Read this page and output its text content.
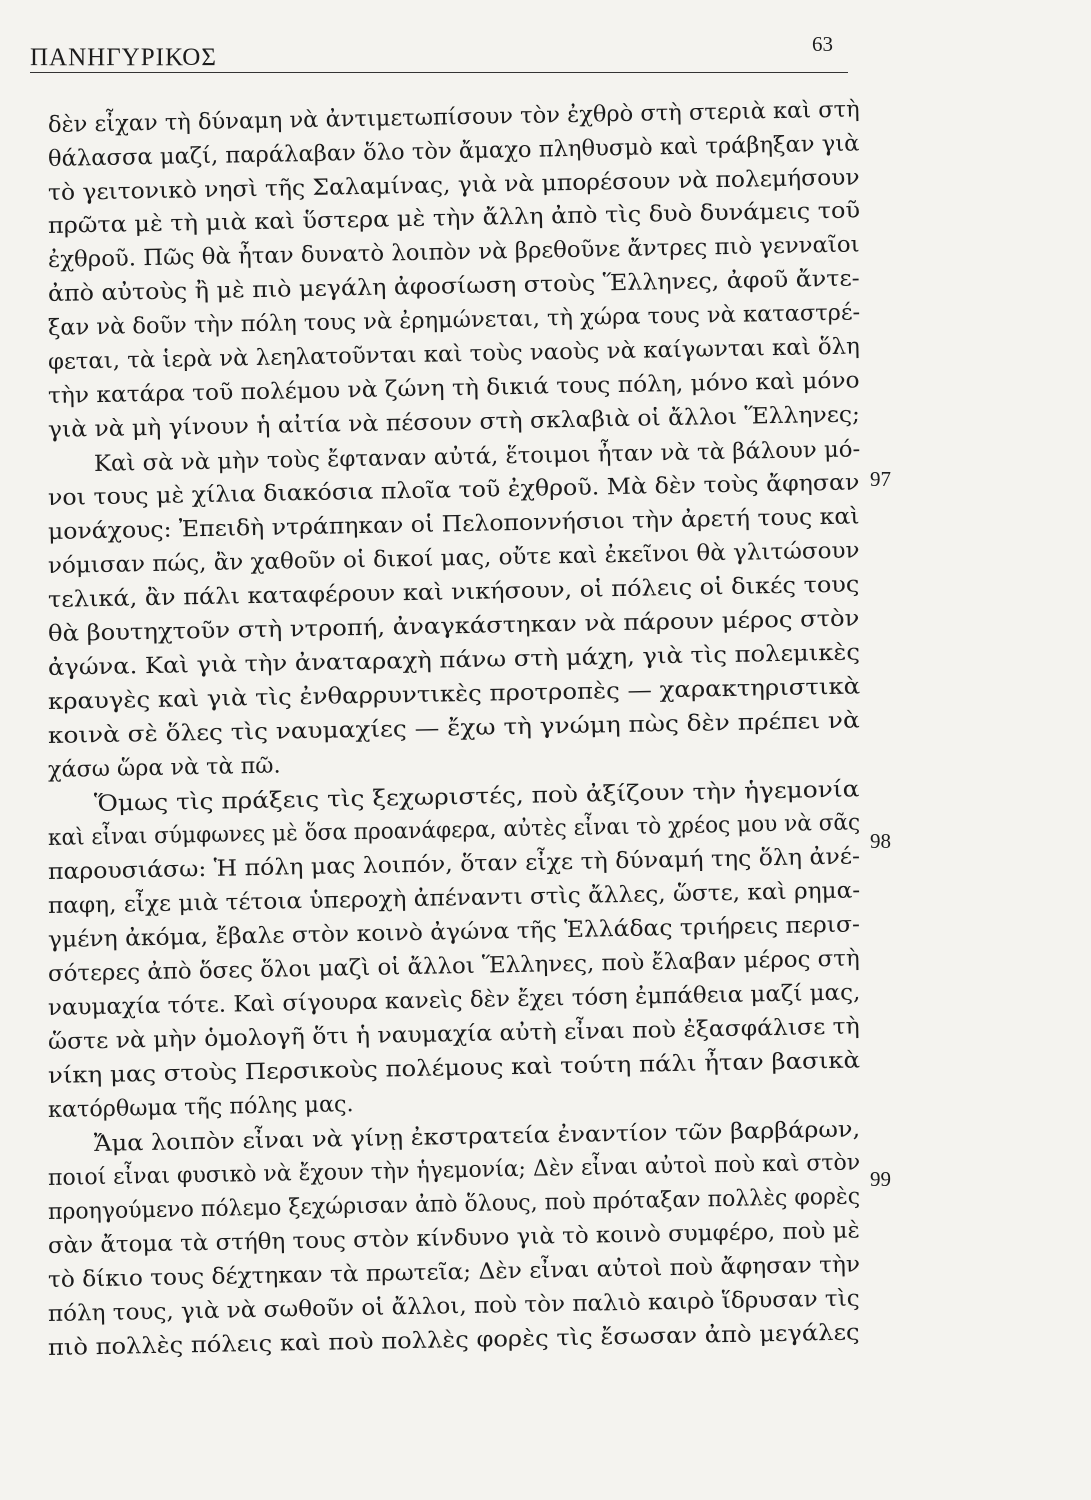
ΠΑΝΗΓΥΡΙΚΟΣ	63
δὲν εἶχαν τὴ δύναμη νὰ ἀντιμετωπίσουν τὸν ἐχθρὸ στὴ στεριὰ καὶ στὴ
θάλασσα μαζί, παράλαβαν ὅλο τὸν ἄμαχο πληθυσμὸ καὶ τράβηξαν γιὰ
τὸ γειτονικὸ νησὶ τῆς Σαλαμίνας, γιὰ νὰ μπορέσουν νὰ πολεμήσουν
πρῶτα μὲ τὴ μιὰ καὶ ὕστερα μὲ τὴν ἄλλη ἀπὸ τὶς δυὸ δυνάμεις τοῦ
ἐχθροῦ. Πῶς θὰ ἦταν δυνατὸ λοιπὸν νὰ βρεθοῦνε ἄντρες πιὸ γενναῖοι
ἀπὸ αὐτοὺς ἢ μὲ πιὸ μεγάλη ἀφοσίωση στοὺς Ἕλληνες, ἀφοῦ ἄντε-
ξαν νὰ δοῦν τὴν πόλη τους νὰ ἐρημώνεται, τὴ χώρα τους νὰ καταστρέ-
φεται, τὰ ἱερὰ νὰ λεηλατοῦνται καὶ τοὺς ναοὺς νὰ καίγωνται καὶ ὅλη
τὴν κατάρα τοῦ πολέμου νὰ ζώνη τὴ δικιά τους πόλη, μόνο καὶ μόνο
γιὰ νὰ μὴ γίνουν ἡ αἰτία νὰ πέσουν στὴ σκλαβιὰ οἱ ἄλλοι Ἕλληνες;
Καὶ σὰ νὰ μὴν τοὺς ἔφταναν αὐτά, ἕτοιμοι ἦταν νὰ τὰ βάλουν μό-
νοι τους μὲ χίλια διακόσια πλοῖα τοῦ ἐχθροῦ. Μὰ δὲν τοὺς ἄφησαν
μονάχους: Ἐπειδὴ ντράπηκαν οἱ Πελοποννήσιοι τὴν ἀρετή τους καὶ
νόμισαν πώς, ἂν χαθοῦν οἱ δικοί μας, οὔτε καὶ ἐκεῖνοι θὰ γλιτώσουν
τελικά, ἂν πάλι καταφέρουν καὶ νικήσουν, οἱ πόλεις οἱ δικές τους
θὰ βουτηχτοῦν στὴ ντροπή, ἀναγκάστηκαν νὰ πάρουν μέρος στὸν
ἀγώνα. Καὶ γιὰ τὴν ἀναταραχὴ πάνω στὴ μάχη, γιὰ τὶς πολεμικὲς
κραυγὲς καὶ γιὰ τὶς ἐνθαρρυντικὲς προτροπὲς — χαρακτηριστικὰ
κοινὰ σὲ ὅλες τὶς ναυμαχίες — ἔχω τὴ γνώμη πὼς δὲν πρέπει νὰ
χάσω ὥρα νὰ τὰ πῶ.
Ὅμως τὶς πράξεις τὶς ξεχωριστές, ποὺ ἀξίζουν τὴν ἡγεμονία
καὶ εἶναι σύμφωνες μὲ ὅσα προανάφερα, αὐτὲς εἶναι τὸ χρέος μου νὰ σᾶς
παρουσιάσω: Ἡ πόλη μας λοιπόν, ὅταν εἶχε τὴ δύναμή της ὅλη ἀνέ-
παφη, εἶχε μιὰ τέτοια ὑπεροχὴ ἀπέναντι στὶς ἄλλες, ὥστε, καὶ ρημα-
γμένη ἀκόμα, ἔβαλε στὸν κοινὸ ἀγώνα τῆς Ἑλλάδας τριήρεις περισ-
σότερες ἀπὸ ὅσες ὅλοι μαζὶ οἱ ἄλλοι Ἕλληνες, ποὺ ἔλαβαν μέρος στὴ
ναυμαχία τότε. Καὶ σίγουρα κανεὶς δὲν ἔχει τόση ἐμπάθεια μαζί μας,
ὥστε νὰ μὴν ὁμολογῆ ὅτι ἡ ναυμαχία αὐτὴ εἶναι ποὺ ἐξασφάλισε τὴ
νίκη μας στοὺς Περσικοὺς πολέμους καὶ τούτη πάλι ἦταν βασικὰ
κατόρθωμα τῆς πόλης μας.
Ἄμα λοιπὸν εἶναι νὰ γίνῃ ἐκστρατεία ἐναντίον τῶν βαρβάρων,
ποιοί εἶναι φυσικὸ νὰ ἔχουν τὴν ἡγεμονία; Δὲν εἶναι αὐτοὶ ποὺ καὶ στὸν
προηγούμενο πόλεμο ξεχώρισαν ἀπὸ ὅλους, ποὺ πρόταξαν πολλὲς φορὲς
σὰν ἄτομα τὰ στήθη τους στὸν κίνδυνο γιὰ τὸ κοινὸ συμφέρο, ποὺ μὲ
τὸ δίκιο τους δέχτηκαν τὰ πρωτεῖα; Δὲν εἶναι αὐτοὶ ποὺ ἄφησαν τὴν
πόλη τους, γιὰ νὰ σωθοῦν οἱ ἄλλοι, ποὺ τὸν παλιὸ καιρὸ ἵδρυσαν τὶς
πιὸ πολλὲς πόλεις καὶ ποὺ πολλὲς φορὲς τὶς ἔσωσαν ἀπὸ μεγάλες
97
98
99
